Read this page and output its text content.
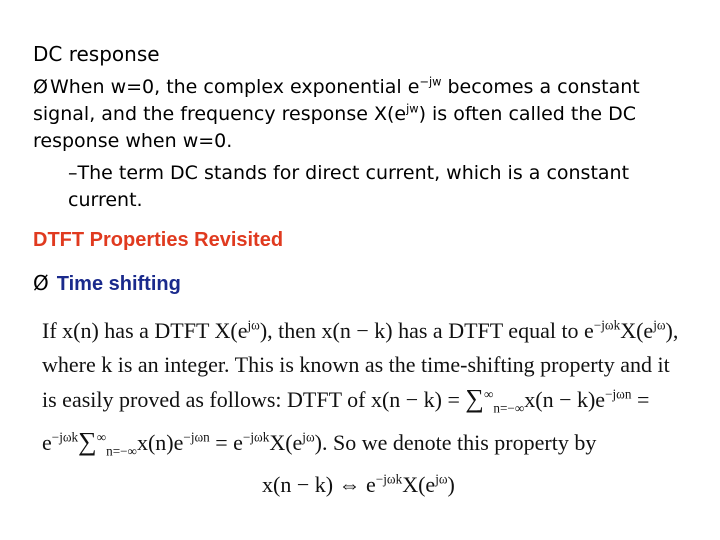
DC response
Ø When w=0, the complex exponential $e^{-jw}$ becomes a constant signal, and the frequency response $X(e^{jw})$ is often called the DC response when w=0.
–The term DC stands for direct current, which is a constant current.
DTFT Properties Revisited
Ø Time shifting
If x(n) has a DTFT $X(e^{j\omega})$, then x(n − k) has a DTFT equal to $e^{-j\omega k}X(e^{j\omega})$,
where k is an integer. This is known as the time-shifting property and it
is easily proved as follows: DTFT of $x(n - k) = \sum^\infty_{n=-\infty}x(n - k)e^{-j\omega n}$ =
$e^{-j\omega k}\sum^\infty_{n=-\infty}x(n)e^{-j\omega n} = e^{-j\omega k}X(e^{j\omega})$. So we denote this property by
x(n − k) ⇔ $e^{-j\omega k}X(e^{j\omega})$
